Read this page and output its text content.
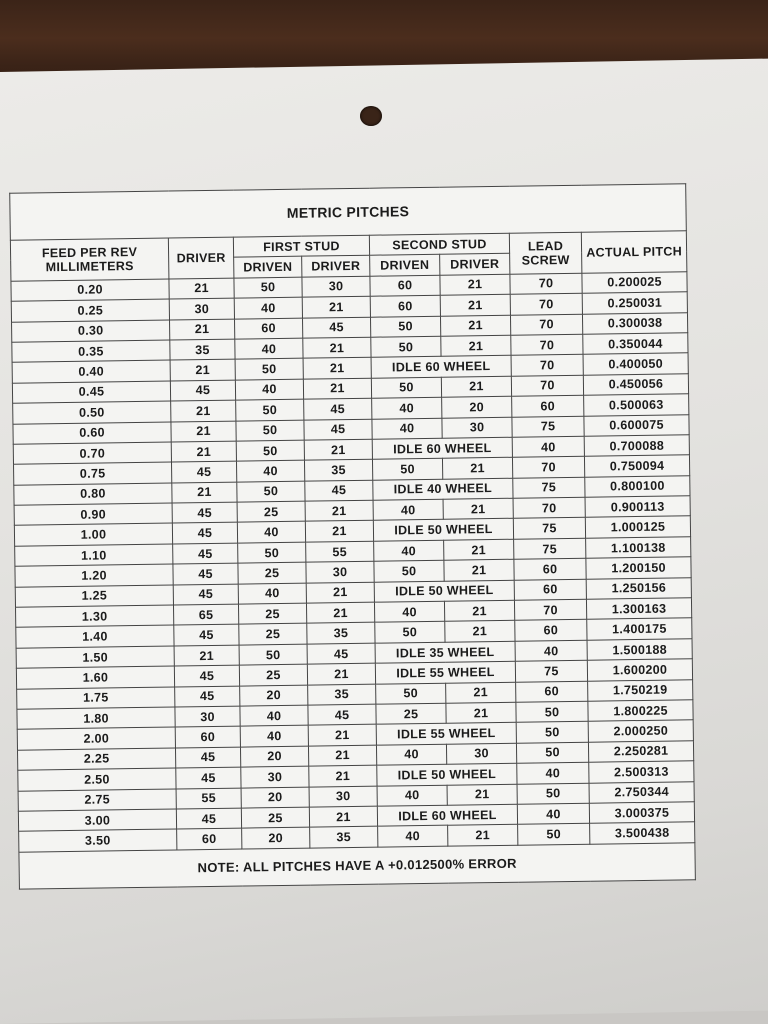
METRIC PITCHES							
FEED PER REV MILLIMETERS	DRIVER	FIRST STUD		SECOND STUD		LEAD SCREW	ACTUAL PITCH
		DRIVEN	DRIVER	DRIVEN	DRIVER		
0.20	21	50	30	60	21	70	0.200025
0.25	30	40	21	60	21	70	0.250031
0.30	21	60	45	50	21	70	0.300038
0.35	35	40	21	50	21	70	0.350044
0.40	21	50	21	IDLE 60 WHEEL		70	0.400050
0.45	45	40	21	50	21	70	0.450056
0.50	21	50	45	40	20	60	0.500063
0.60	21	50	45	40	30	75	0.600075
0.70	21	50	21	IDLE 60 WHEEL		40	0.700088
0.75	45	40	35	50	21	70	0.750094
0.80	21	50	45	IDLE 40 WHEEL		75	0.800100
0.90	45	25	21	40	21	70	0.900113
1.00	45	40	21	IDLE 50 WHEEL		75	1.000125
1.10	45	50	55	40	21	75	1.100138
1.20	45	25	30	50	21	60	1.200150
1.25	45	40	21	IDLE 50 WHEEL		60	1.250156
1.30	65	25	21	40	21	70	1.300163
1.40	45	25	35	50	21	60	1.400175
1.50	21	50	45	IDLE 35 WHEEL		40	1.500188
1.60	45	25	21	IDLE 55 WHEEL		75	1.600200
1.75	45	20	35	50	21	60	1.750219
1.80	30	40	45	25	21	50	1.800225
2.00	60	40	21	IDLE 55 WHEEL		50	2.000250
2.25	45	20	21	40	30	50	2.250281
2.50	45	30	21	IDLE 50 WHEEL		40	2.500313
2.75	55	20	30	40	21	50	2.750344
3.00	45	25	21	IDLE 60 WHEEL		40	3.000375
3.50	60	20	35	40	21	50	3.500438
NOTE: ALL PITCHES HAVE A +0.012500% ERROR							
